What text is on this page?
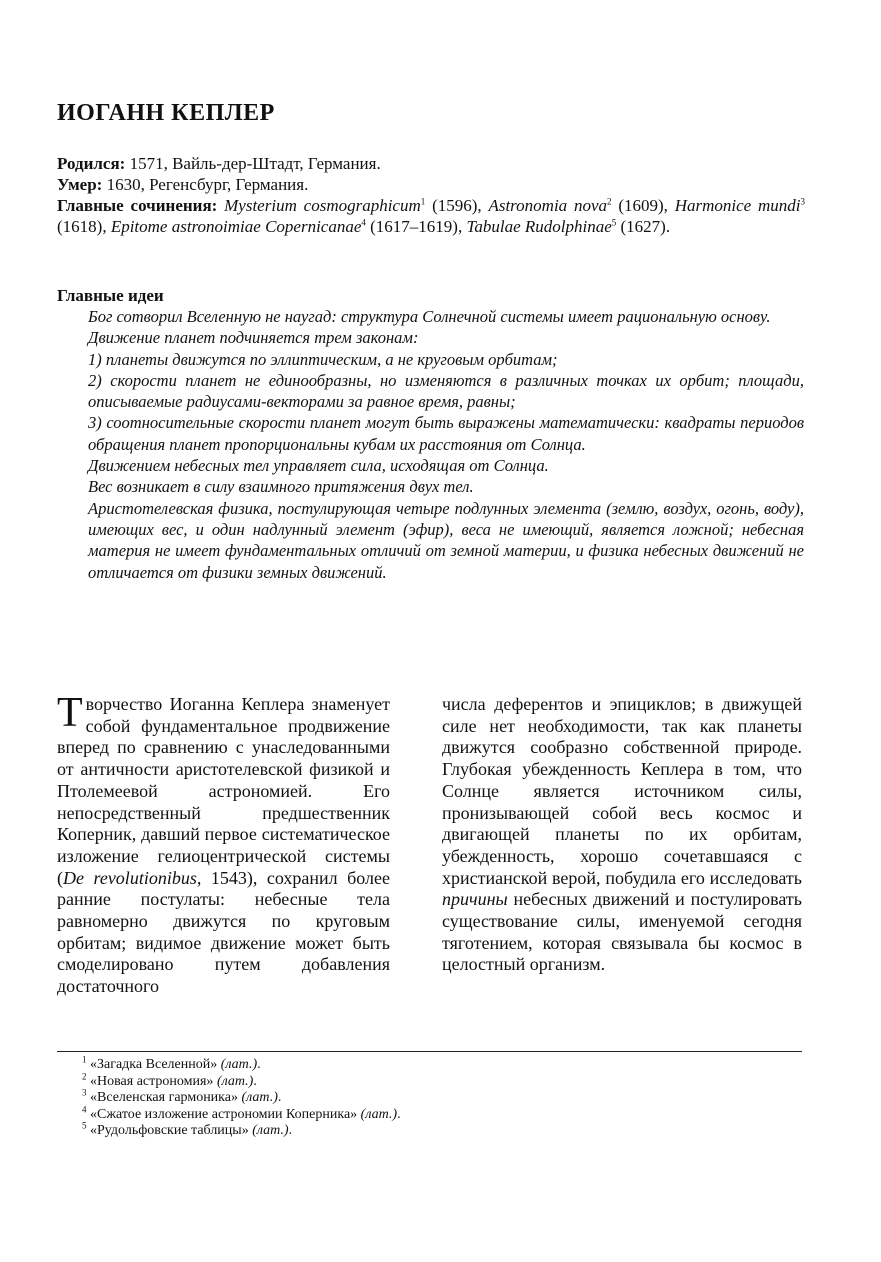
ИОГАНН КЕПЛЕР
Родился: 1571, Вайль-дер-Штадт, Германия.
Умер: 1630, Регенсбург, Германия.
Главные сочинения: Mysterium cosmographicum$^1$ (1596), Astronomia nova$^2$ (1609), Harmonice mundi$^3$ (1618), Epitome astronoimiae Copernicanae$^4$ (1617–1619), Tabulae Rudolphinae$^5$ (1627).
Главные идеи

Бог сотворил Вселенную не наугад: структура Солнечной системы имеет рациональную основу.

Движение планет подчиняется трем законам:

1) планеты движутся по эллиптическим, а не круговым орбитам;

2) скорости планет не единообразны, но изменяются в различных точках их орбит; площади, описываемые радиусами-векторами за равное время, равны;

3) соотносительные скорости планет могут быть выражены математически: квадраты периодов обращения планет пропорциональны кубам их расстояния от Солнца.

Движением небесных тел управляет сила, исходящая от Солнца.

Вес возникает в силу взаимного притяжения двух тел.

Аристотелевская физика, постулирующая четыре подлунных элемента (землю, воздух, огонь, воду), имеющих вес, и один надлунный элемент (эфир), веса не имеющий, является ложной; небесная материя не имеет фундаментальных отличий от земной материи, и физика небесных движений не отличается от физики земных движений.

Творчество Иоганна Кеплера знаменует собой фундаментальное продвижение вперед по сравнению с унаследованными от античности аристотелевской физикой и Птолемеевой астрономией. Его непосредственный предшественник Коперник, давший первое систематическое изложение гелиоцентрической системы (De revolutionibus, 1543), сохранил более ранние постулаты: небесные тела равномерно движутся по круговым орбитам; видимое движение может быть смоделировано путем добавления достаточного
числа деферентов и эпициклов; в движущей силе нет необходимости, так как планеты движутся сообразно собственной природе. Глубокая убежденность Кеплера в том, что Солнце является источником силы, пронизывающей собой весь космос и двигающей планеты по их орбитам, убежденность, хорошо сочетавшаяся с христианской верой, побудила его исследовать причины небесных движений и постулировать существование силы, именуемой сегодня тяготением, которая связывала бы космос в целостный организм.
$^1$ «Загадка Вселенной» (лат.).
$^2$ «Новая астрономия» (лат.).
$^3$ «Вселенская гармоника» (лат.).
$^4$ «Сжатое изложение астрономии Коперника» (лат.).
$^5$ «Рудольфовские таблицы» (лат.).
